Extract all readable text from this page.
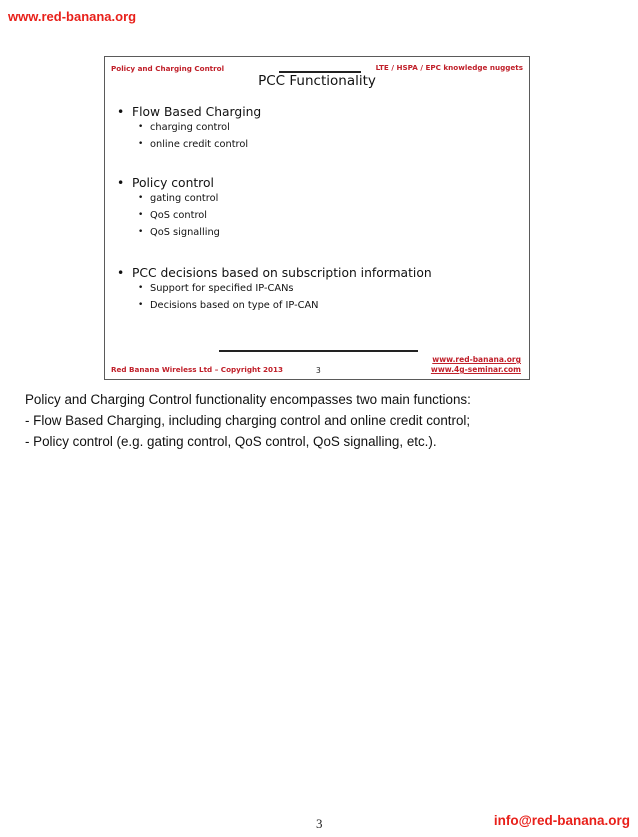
www.red-banana.org
Policy and Charging Control	LTE / HSPA / EPC knowledge nuggets
PCC Functionality
• Flow Based Charging
• charging control
• online credit control
• Policy control
• gating control
• QoS control
• QoS signalling
• PCC decisions based on subscription information
• Support for specified IP-CANs
• Decisions based on type of IP-CAN
Red Banana Wireless Ltd – Copyright 2013	3
www.red-banana.org
www.4g-seminar.com
Policy and Charging Control functionality encompasses two main functions:
- Flow Based Charging, including charging control and online credit control;
- Policy control (e.g. gating control, QoS control, QoS signalling, etc.).
3	info@red-banana.org
